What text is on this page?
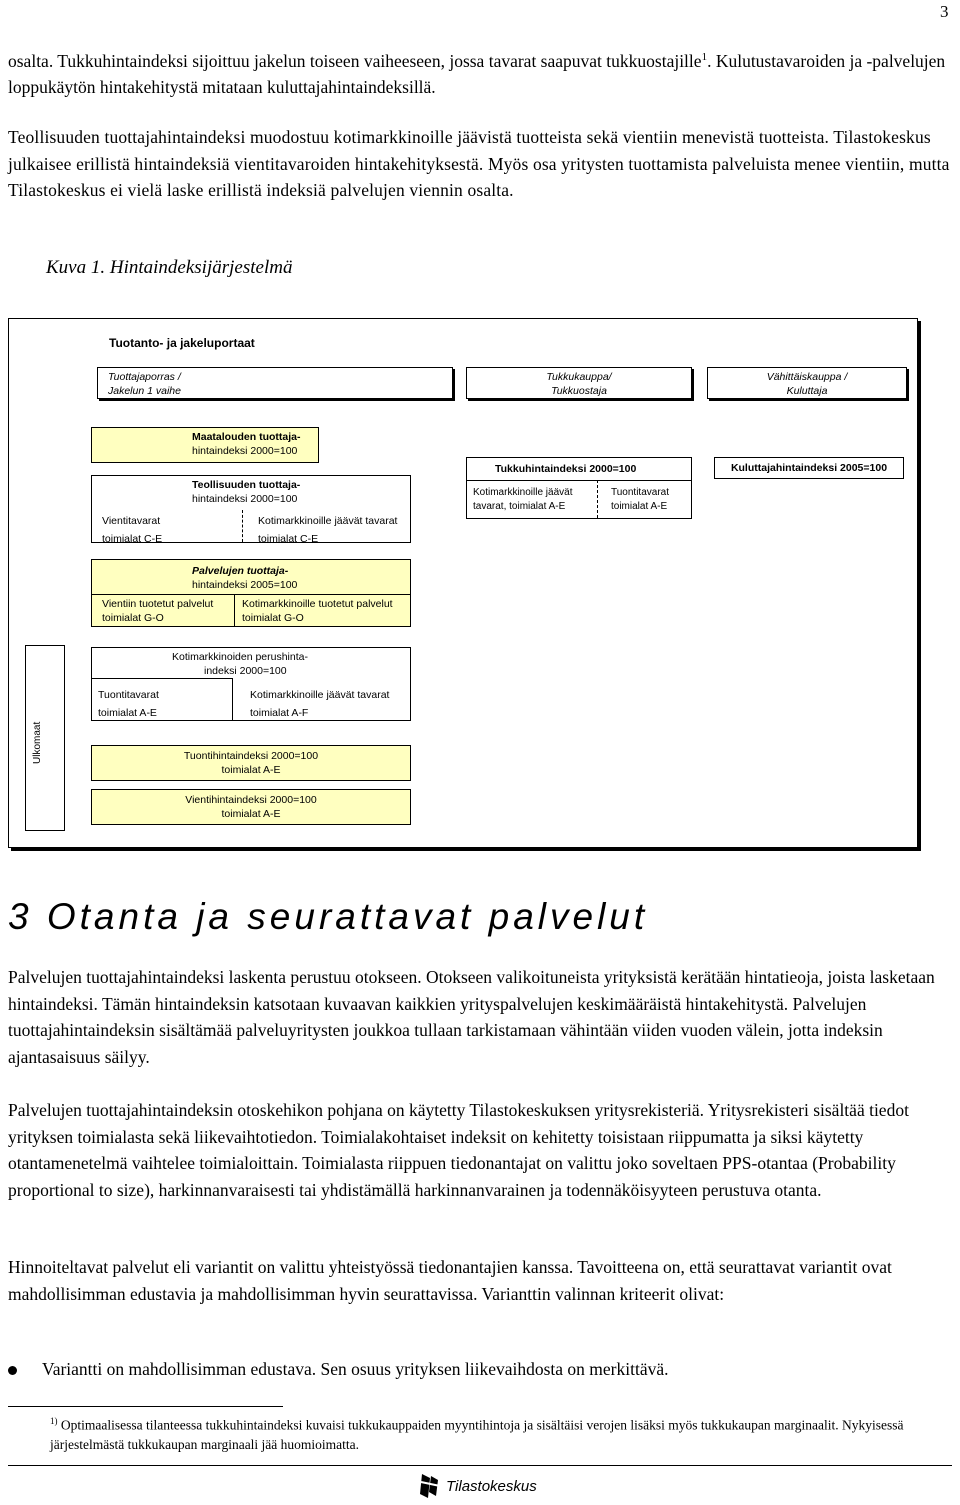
3

osalta. Tukkuhintaindeksi sijoittuu jakelun toiseen vaiheeseen, jossa tavarat saapuvat tukkuostajille$^1$. Kulutustavaroiden ja -palvelujen loppukäytön hintakehitystä mitataan kuluttajahintaindeksillä.

Teollisuuden tuottajahintaindeksi muodostuu kotimarkkinoille jäävistä tuotteista sekä vientiin menevistä tuotteista. Tilastokeskus julkaisee erillistä hintaindeksiä vientitavaroiden hintakehityksestä. Myös osa yritysten tuottamista palveluista menee vientiin, mutta Tilastokeskus ei vielä laske erillistä indeksiä palvelujen viennin osalta.

Kuva 1. Hintaindeksijärjestelmä
Tuotanto- ja jakeluportaat
Tuottajaporras /
Jakelun 1 vaihe
Tukkukauppa/
Tukkuostaja
Vähittäiskauppa /
Kuluttaja
Maatalouden tuottaja-
hintaindeksi 2000=100
Teollisuuden tuottaja-
hintaindeksi 2000=100
Vientitavarat
toimialat C-E
Kotimarkkinoille jäävät tavarat
toimialat C-E
Tukkuhintaindeksi 2000=100
Kotimarkkinoille jäävät
tavarat, toimialat A-E
Tuontitavarat
toimialat A-E
Kuluttajahintaindeksi 2005=100
Palvelujen tuottaja-
hintaindeksi 2005=100
Vientiin tuotetut palvelut
toimialat G-O
Kotimarkkinoille tuotetut palvelut
toimialat G-O
Ulkomaat
Kotimarkkinoiden perushinta-
indeksi 2000=100
Tuontitavarat
toimialat A-E
Kotimarkkinoille jäävät tavarat
toimialat A-F
Tuontihintaindeksi 2000=100
toimialat A-E
Vientihintaindeksi 2000=100
toimialat A-E
3 Otanta ja seurattavat palvelut

Palvelujen tuottajahintaindeksi laskenta perustuu otokseen. Otokseen valikoituneista yrityksistä kerätään hintatieoja, joista lasketaan hintaindeksi. Tämän hintaindeksin katsotaan kuvaavan kaikkien yrityspalvelujen keskimääräistä hintakehitystä. Palvelujen tuottajahintaindeksin sisältämää palveluyritysten joukkoa tullaan tarkistamaan vähintään viiden vuoden välein, jotta indeksin ajantasaisuus säilyy.

Palvelujen tuottajahintaindeksin otoskehikon pohjana on käytetty Tilastokeskuksen yritysrekisteriä. Yritysrekisteri sisältää tiedot yrityksen toimialasta sekä liikevaihtotiedon. Toimialakohtaiset indeksit on kehitetty toisistaan riippumatta ja siksi käytetty otantamenetelmä vaihtelee toimialoittain. Toimialasta riippuen tiedonantajat on valittu joko soveltaen PPS-otantaa (Probability proportional to size), harkinnanvaraisesti tai yhdistämällä harkinnanvarainen ja todennäköisyyteen perustuva otanta.

Hinnoiteltavat palvelut eli variantit on valittu yhteistyössä tiedonantajien kanssa. Tavoitteena on, että seurattavat variantit ovat mahdollisimman edustavia ja mahdollisimman hyvin seurattavissa. Varianttin valinnan kriteerit olivat:

Variantti on mahdollisimman edustava. Sen osuus yrityksen liikevaihdosta on merkittävä.
$^{1)}$ Optimaalisessa tilanteessa tukkuhintaindeksi kuvaisi tukkukauppaiden myyntihintoja ja sisältäisi verojen lisäksi myös tukkukaupan marginaalit. Nykyisessä järjestelmästä tukkukaupan marginaali jää huomioimatta.
Tilastokeskus
